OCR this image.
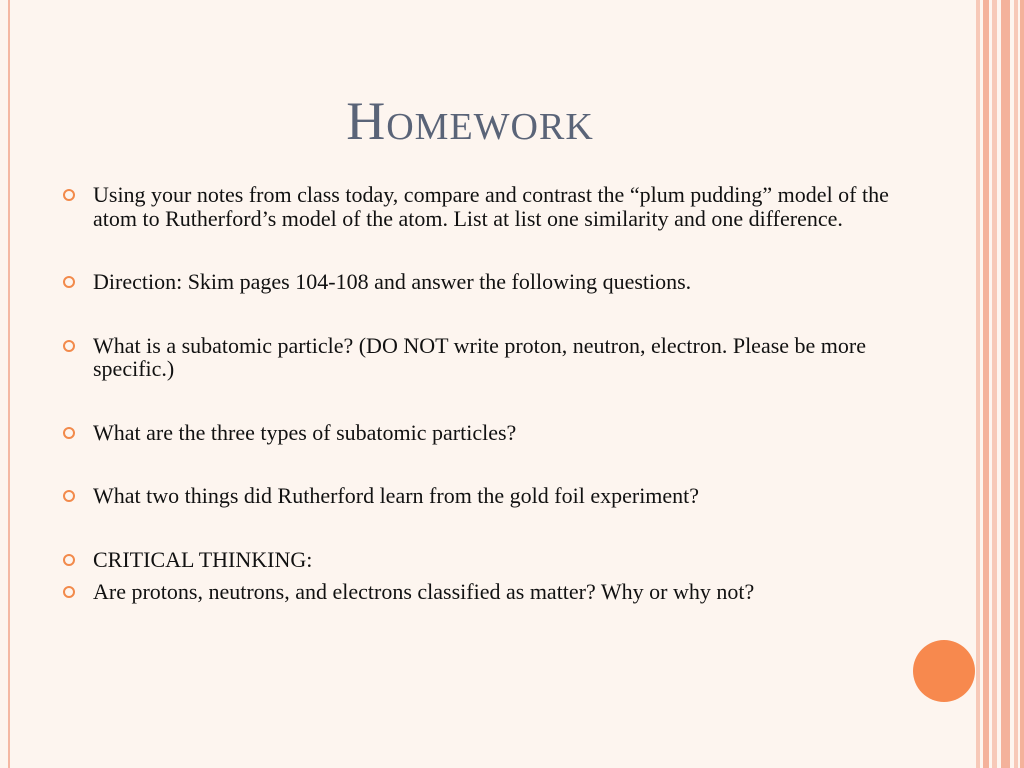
Homework
Using your notes from class today, compare and contrast the “plum pudding” model of the atom to Rutherford’s model of the atom. List at list one similarity and one difference.
Direction: Skim pages 104-108 and answer the following questions.
What is a subatomic particle? (DO NOT write proton, neutron, electron. Please be more specific.)
What are the three types of subatomic particles?
What two things did Rutherford learn from the gold foil experiment?
CRITICAL THINKING:
Are protons, neutrons, and electrons classified as matter? Why or why not?
